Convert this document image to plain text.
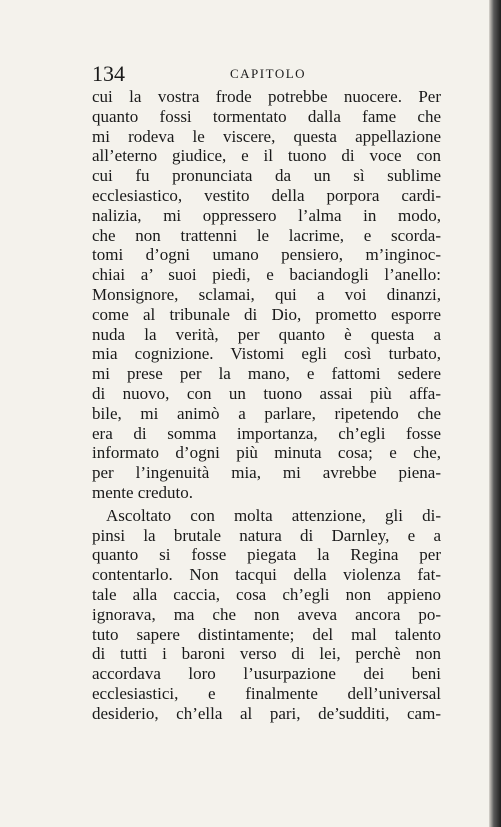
134	CAPITOLO
cui la vostra frode potrebbe nuocere. Per
quanto fossi tormentato dalla fame che
mi rodeva le viscere, questa appellazione
all’eterno giudice, e il tuono di voce con
cui fu pronunciata da un sì sublime
ecclesiastico, vestito della porpora cardi-
nalizia, mi oppressero l’alma in modo,
che non trattenni le lacrime, e scorda-
tomi d’ogni umano pensiero, m’inginoc-
chiai a’ suoi piedi, e baciandogli l’anello:
Monsignore, sclamai, qui a voi dinanzi,
come al tribunale di Dio, prometto esporre
nuda la verità, per quanto è questa a
mia cognizione. Vistomi egli così turbato,
mi prese per la mano, e fattomi sedere
di nuovo, con un tuono assai più affa-
bile, mi animò a parlare, ripetendo che
era di somma importanza, ch’egli fosse
informato d’ogni più minuta cosa; e che,
per l’ingenuità mia, mi avrebbe piena-
mente creduto.
Ascoltato con molta attenzione, gli di-
pinsi la brutale natura di Darnley, e a
quanto si fosse piegata la Regina per
contentarlo. Non tacqui della violenza fat-
tale alla caccia, cosa ch’egli non appieno
ignorava, ma che non aveva ancora po-
tuto sapere distintamente; del mal talento
di tutti i baroni verso di lei, perchè non
accordava loro l’usurpazione dei beni
ecclesiastici, e finalmente dell’universal
desiderio, ch’ella al pari, de’sudditi, cam-
